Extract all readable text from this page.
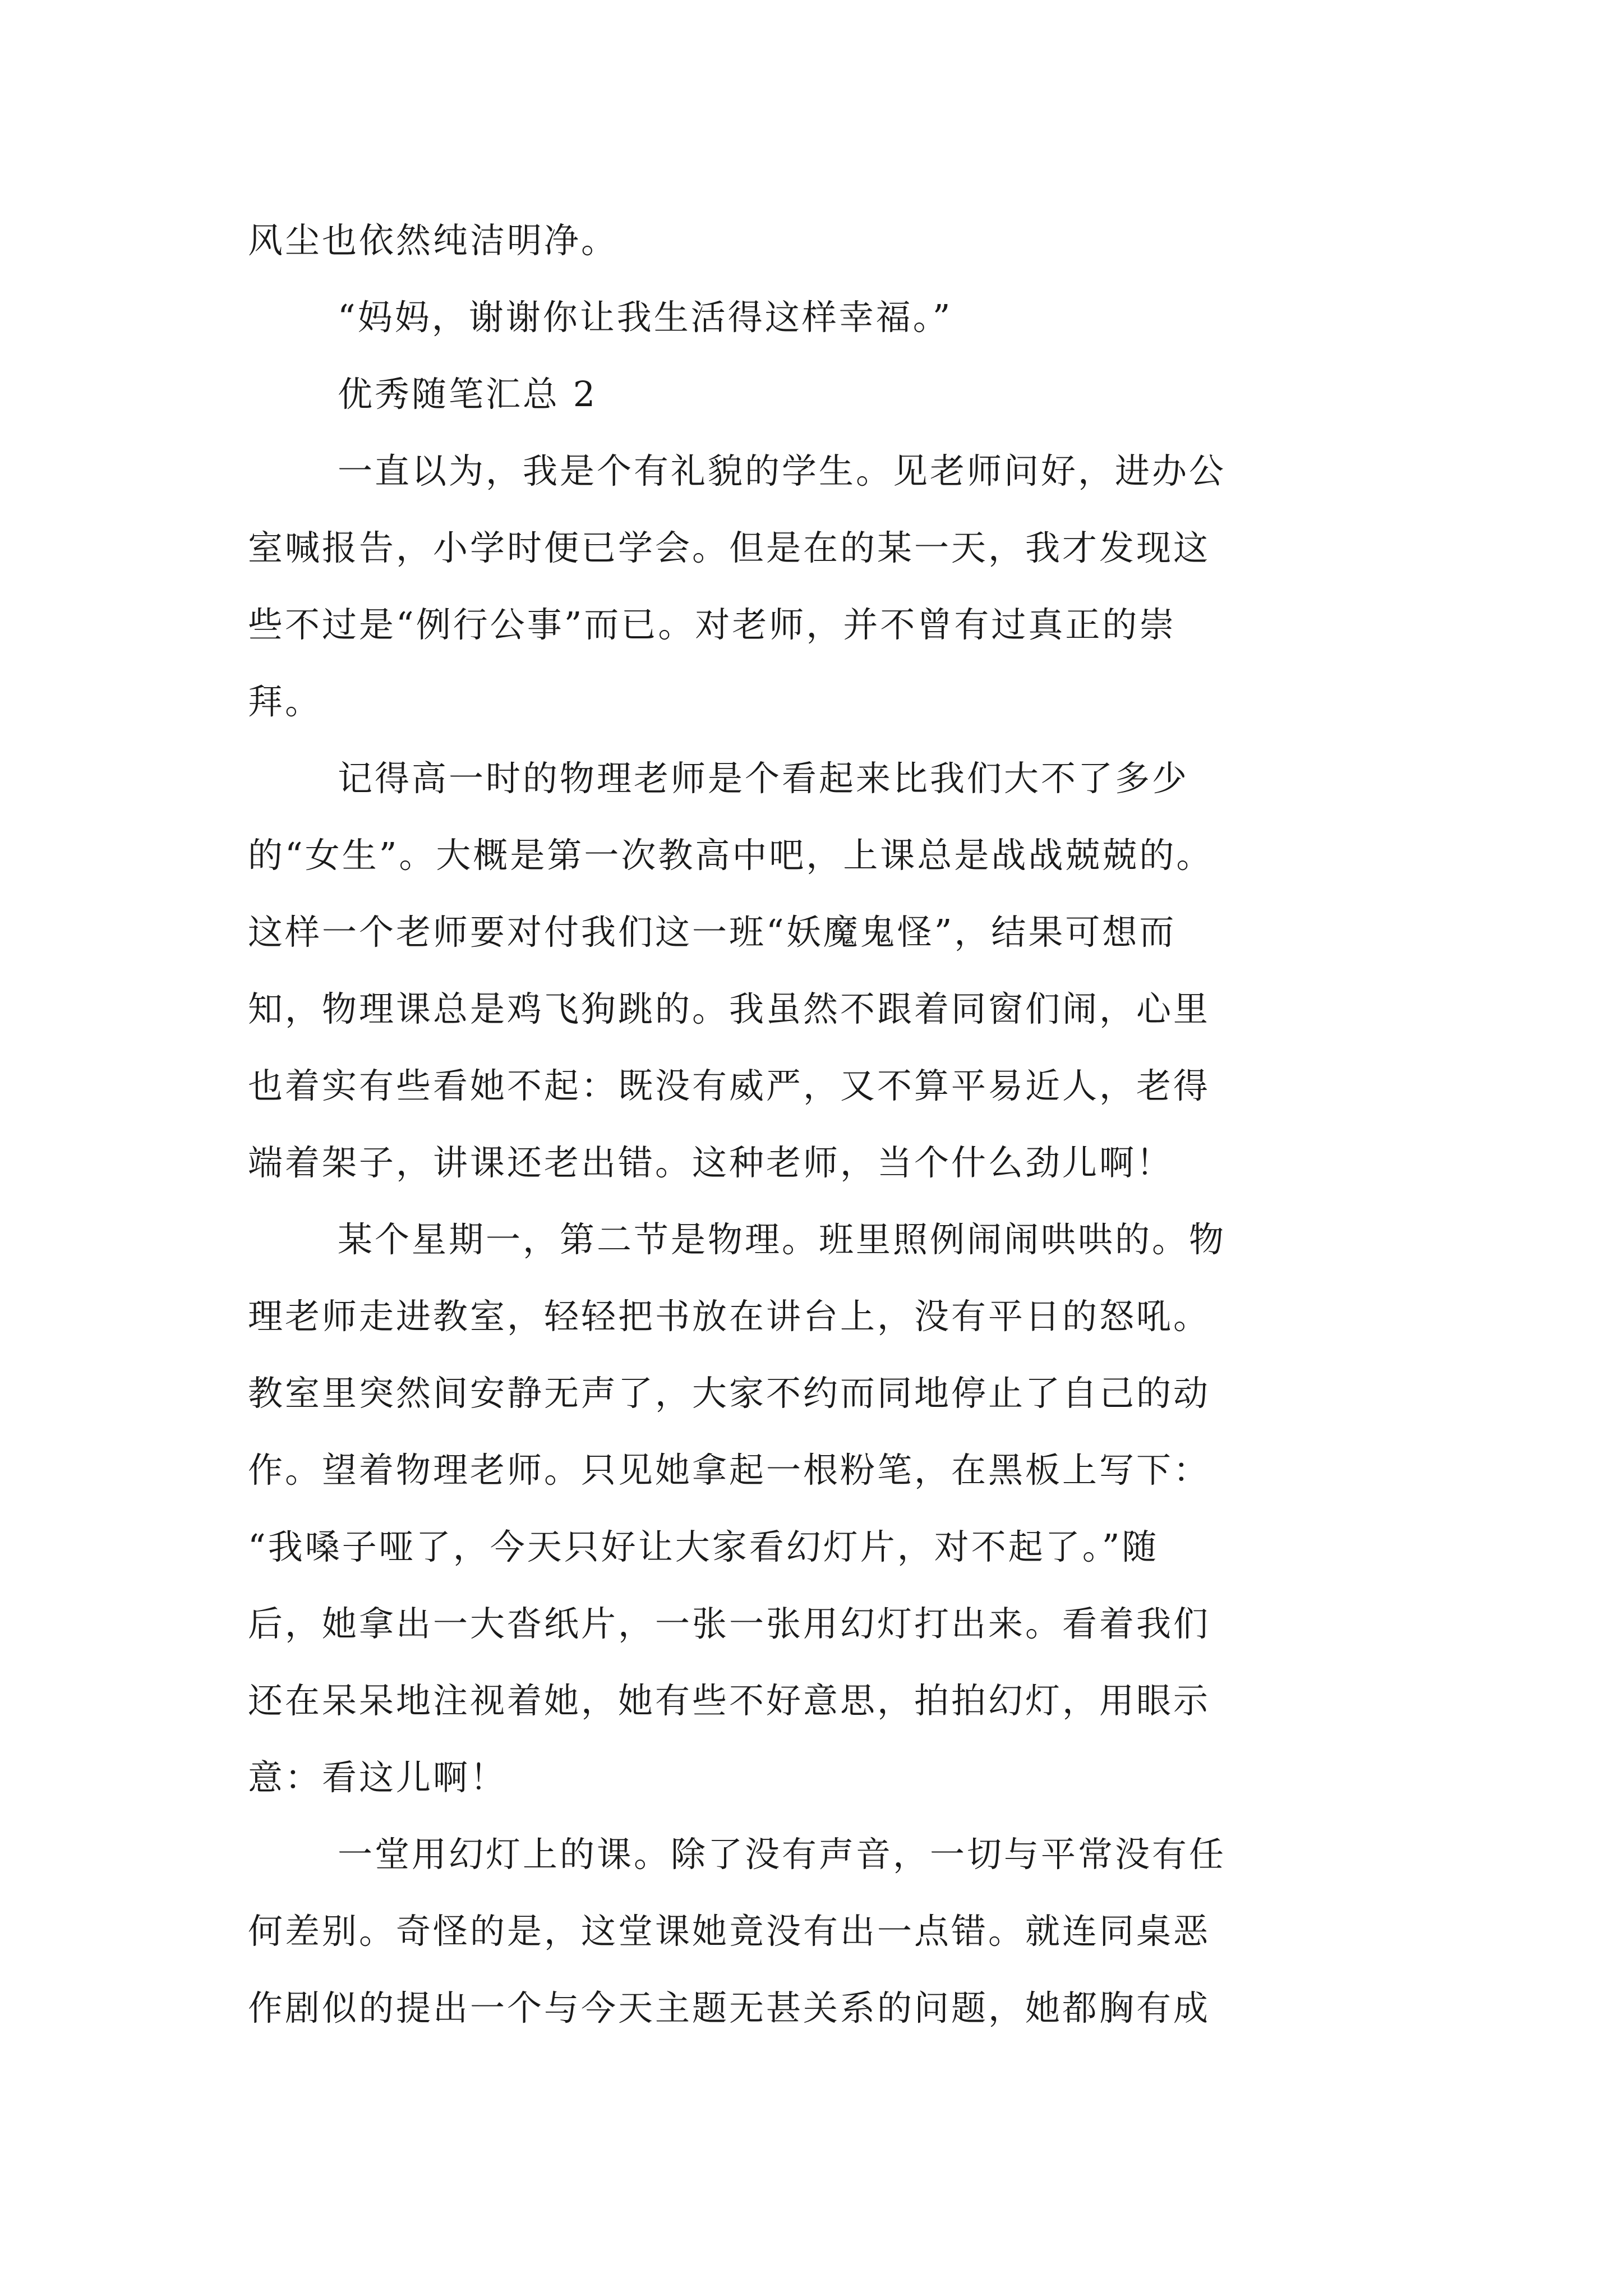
风尘也依然纯洁明净。
“妈妈，谢谢你让我生活得这样幸福。”
优秀随笔汇总 2
一直以为，我是个有礼貌的学生。见老师问好，进办公
室喊报告，小学时便已学会。但是在的某一天，我才发现这
些不过是“例行公事”而已。对老师，并不曾有过真正的崇
拜。
记得高一时的物理老师是个看起来比我们大不了多少
的“女生”。大概是第一次教高中吧，上课总是战战兢兢的。
这样一个老师要对付我们这一班“妖魔鬼怪”，结果可想而
知，物理课总是鸡飞狗跳的。我虽然不跟着同窗们闹，心里
也着实有些看她不起：既没有威严，又不算平易近人，老得
端着架子，讲课还老出错。这种老师，当个什么劲儿啊！
某个星期一，第二节是物理。班里照例闹闹哄哄的。物
理老师走进教室，轻轻把书放在讲台上，没有平日的怒吼。
教室里突然间安静无声了，大家不约而同地停止了自己的动
作。望着物理老师。只见她拿起一根粉笔，在黑板上写下：
“我嗓子哑了，今天只好让大家看幻灯片，对不起了。”随
后，她拿出一大沓纸片，一张一张用幻灯打出来。看着我们
还在呆呆地注视着她，她有些不好意思，拍拍幻灯，用眼示
意：看这儿啊！
一堂用幻灯上的课。除了没有声音，一切与平常没有任
何差别。奇怪的是，这堂课她竟没有出一点错。就连同桌恶
作剧似的提出一个与今天主题无甚关系的问题，她都胸有成
